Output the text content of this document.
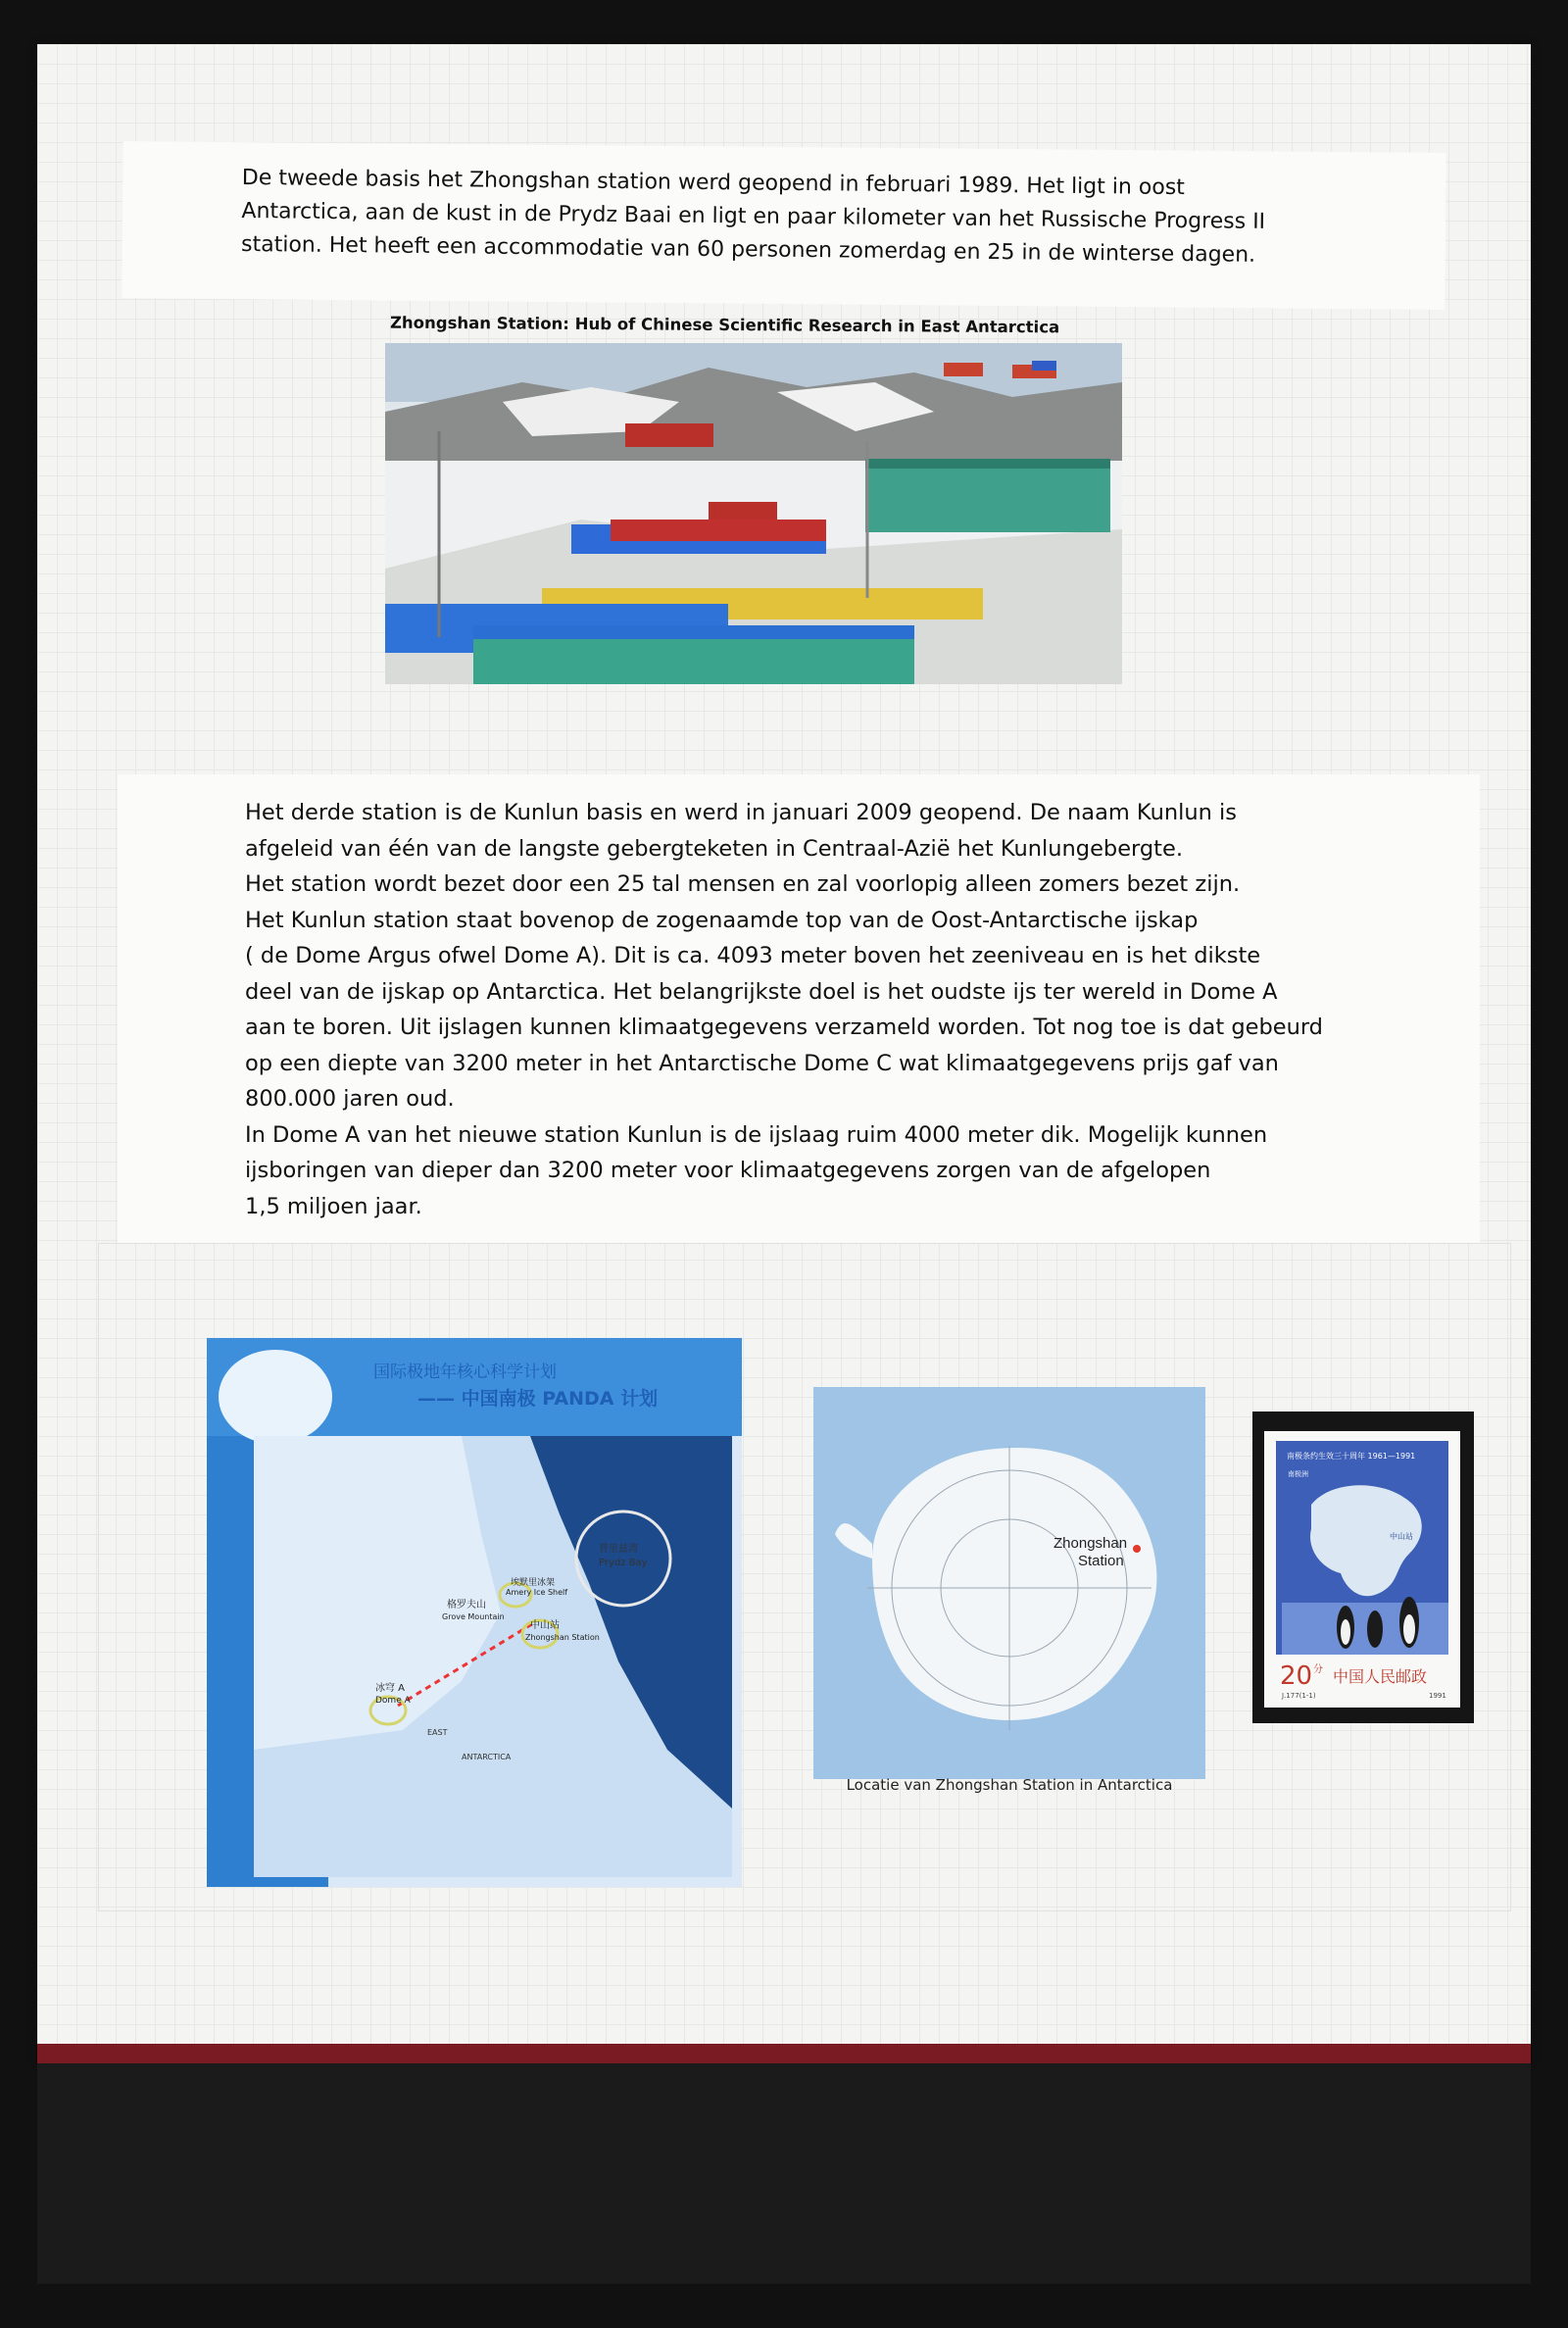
De tweede basis het Zhongshan station werd geopend in februari 1989. Het ligt in oost
Antarctica, aan de kust in de Prydz Baai en ligt en paar kilometer van het Russische Progress II
station. Het heeft een accommodatie van 60 personen zomerdag en 25 in de winterse dagen.
Zhongshan Station: Hub of Chinese Scientific Research in East Antarctica
Het derde station is de Kunlun basis en werd in januari 2009 geopend. De naam Kunlun is
afgeleid van één van de langste gebergteketen in Centraal-Azië het Kunlungebergte.
Het station wordt bezet door een 25 tal mensen en zal voorlopig alleen zomers bezet zijn.
Het Kunlun station staat bovenop de zogenaamde top van de Oost-Antarctische ijskap
( de Dome Argus ofwel Dome A). Dit is ca. 4093 meter boven het zeeniveau en is het dikste
deel van de ijskap op Antarctica. Het belangrijkste doel is het oudste ijs ter wereld in Dome A
aan te boren. Uit ijslagen kunnen klimaatgegevens verzameld worden. Tot nog toe is dat gebeurd
op een diepte van 3200 meter in het Antarctische Dome C wat klimaatgegevens prijs gaf van
800.000 jaren oud.
In Dome A van het nieuwe station Kunlun is de ijslaag ruim 4000 meter dik. Mogelijk kunnen
ijsboringen van dieper dan 3200 meter voor klimaatgegevens zorgen van de afgelopen
1,5 miljoen jaar.
国际极地年核心科学计划
—— 中国南极 PANDA 计划
普里兹湾
Prydz Bay
埃默里冰架
Amery Ice Shelf
格罗夫山
Grove Mountain
中山站
Zhongshan Station
冰穹 A
Dome A
EAST
ANTARCTICA
Zhongshan
Station
Locatie van Zhongshan Station in Antarctica
南极条约生效三十周年 1961—1991
南极洲
中山站
20 分 中国人民邮政
J.177(1-1)	1991
